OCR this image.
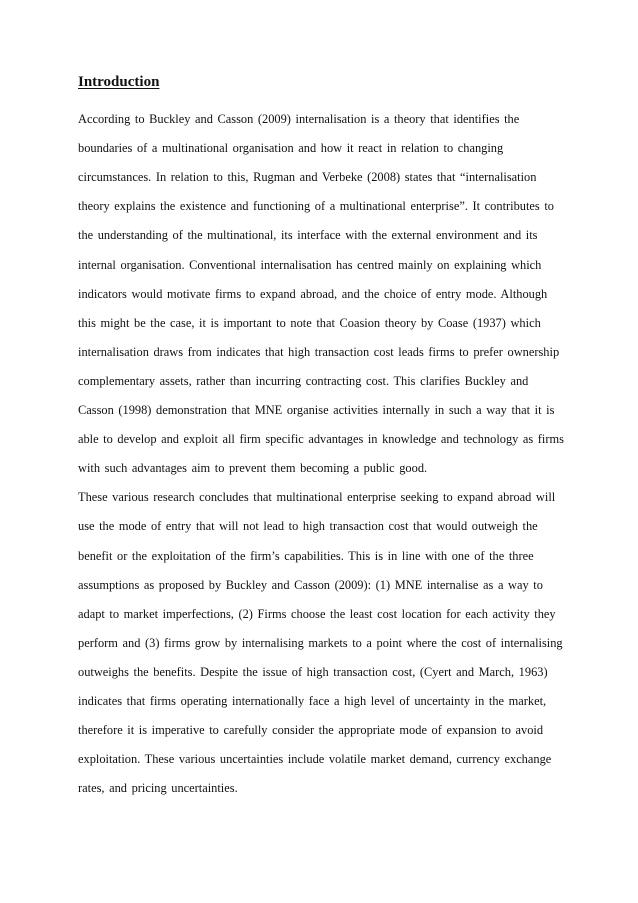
Introduction
According to Buckley and Casson (2009) internalisation is a theory that identifies the
boundaries of a multinational organisation and how it react in relation to changing
circumstances. In relation to this, Rugman and Verbeke (2008) states that “internalisation
theory explains the existence and functioning of a multinational enterprise”. It contributes to
the understanding of the multinational, its interface with the external environment and its
internal organisation. Conventional internalisation has centred mainly on explaining which
indicators would motivate firms to expand abroad, and the choice of entry mode. Although
this might be the case, it is important to note that Coasion theory by Coase (1937) which
internalisation draws from indicates that high transaction cost leads firms to prefer ownership
complementary assets, rather than incurring contracting cost. This clarifies Buckley and
Casson (1998) demonstration that MNE organise activities internally in such a way that it is
able to develop and exploit all firm specific advantages in knowledge and technology as firms
with such advantages aim to prevent them becoming a public good.
These various research concludes that multinational enterprise seeking to expand abroad will
use the mode of entry that will not lead to high transaction cost that would outweigh the
benefit or the exploitation of the firm’s capabilities. This is in line with one of the three
assumptions as proposed by Buckley and Casson (2009): (1) MNE internalise as a way to
adapt to market imperfections, (2) Firms choose the least cost location for each activity they
perform and (3) firms grow by internalising markets to a point where the cost of internalising
outweighs the benefits. Despite the issue of high transaction cost, (Cyert and March, 1963)
indicates that firms operating internationally face a high level of uncertainty in the market,
therefore it is imperative to carefully consider the appropriate mode of expansion to avoid
exploitation. These various uncertainties include volatile market demand, currency exchange
rates, and pricing uncertainties.
